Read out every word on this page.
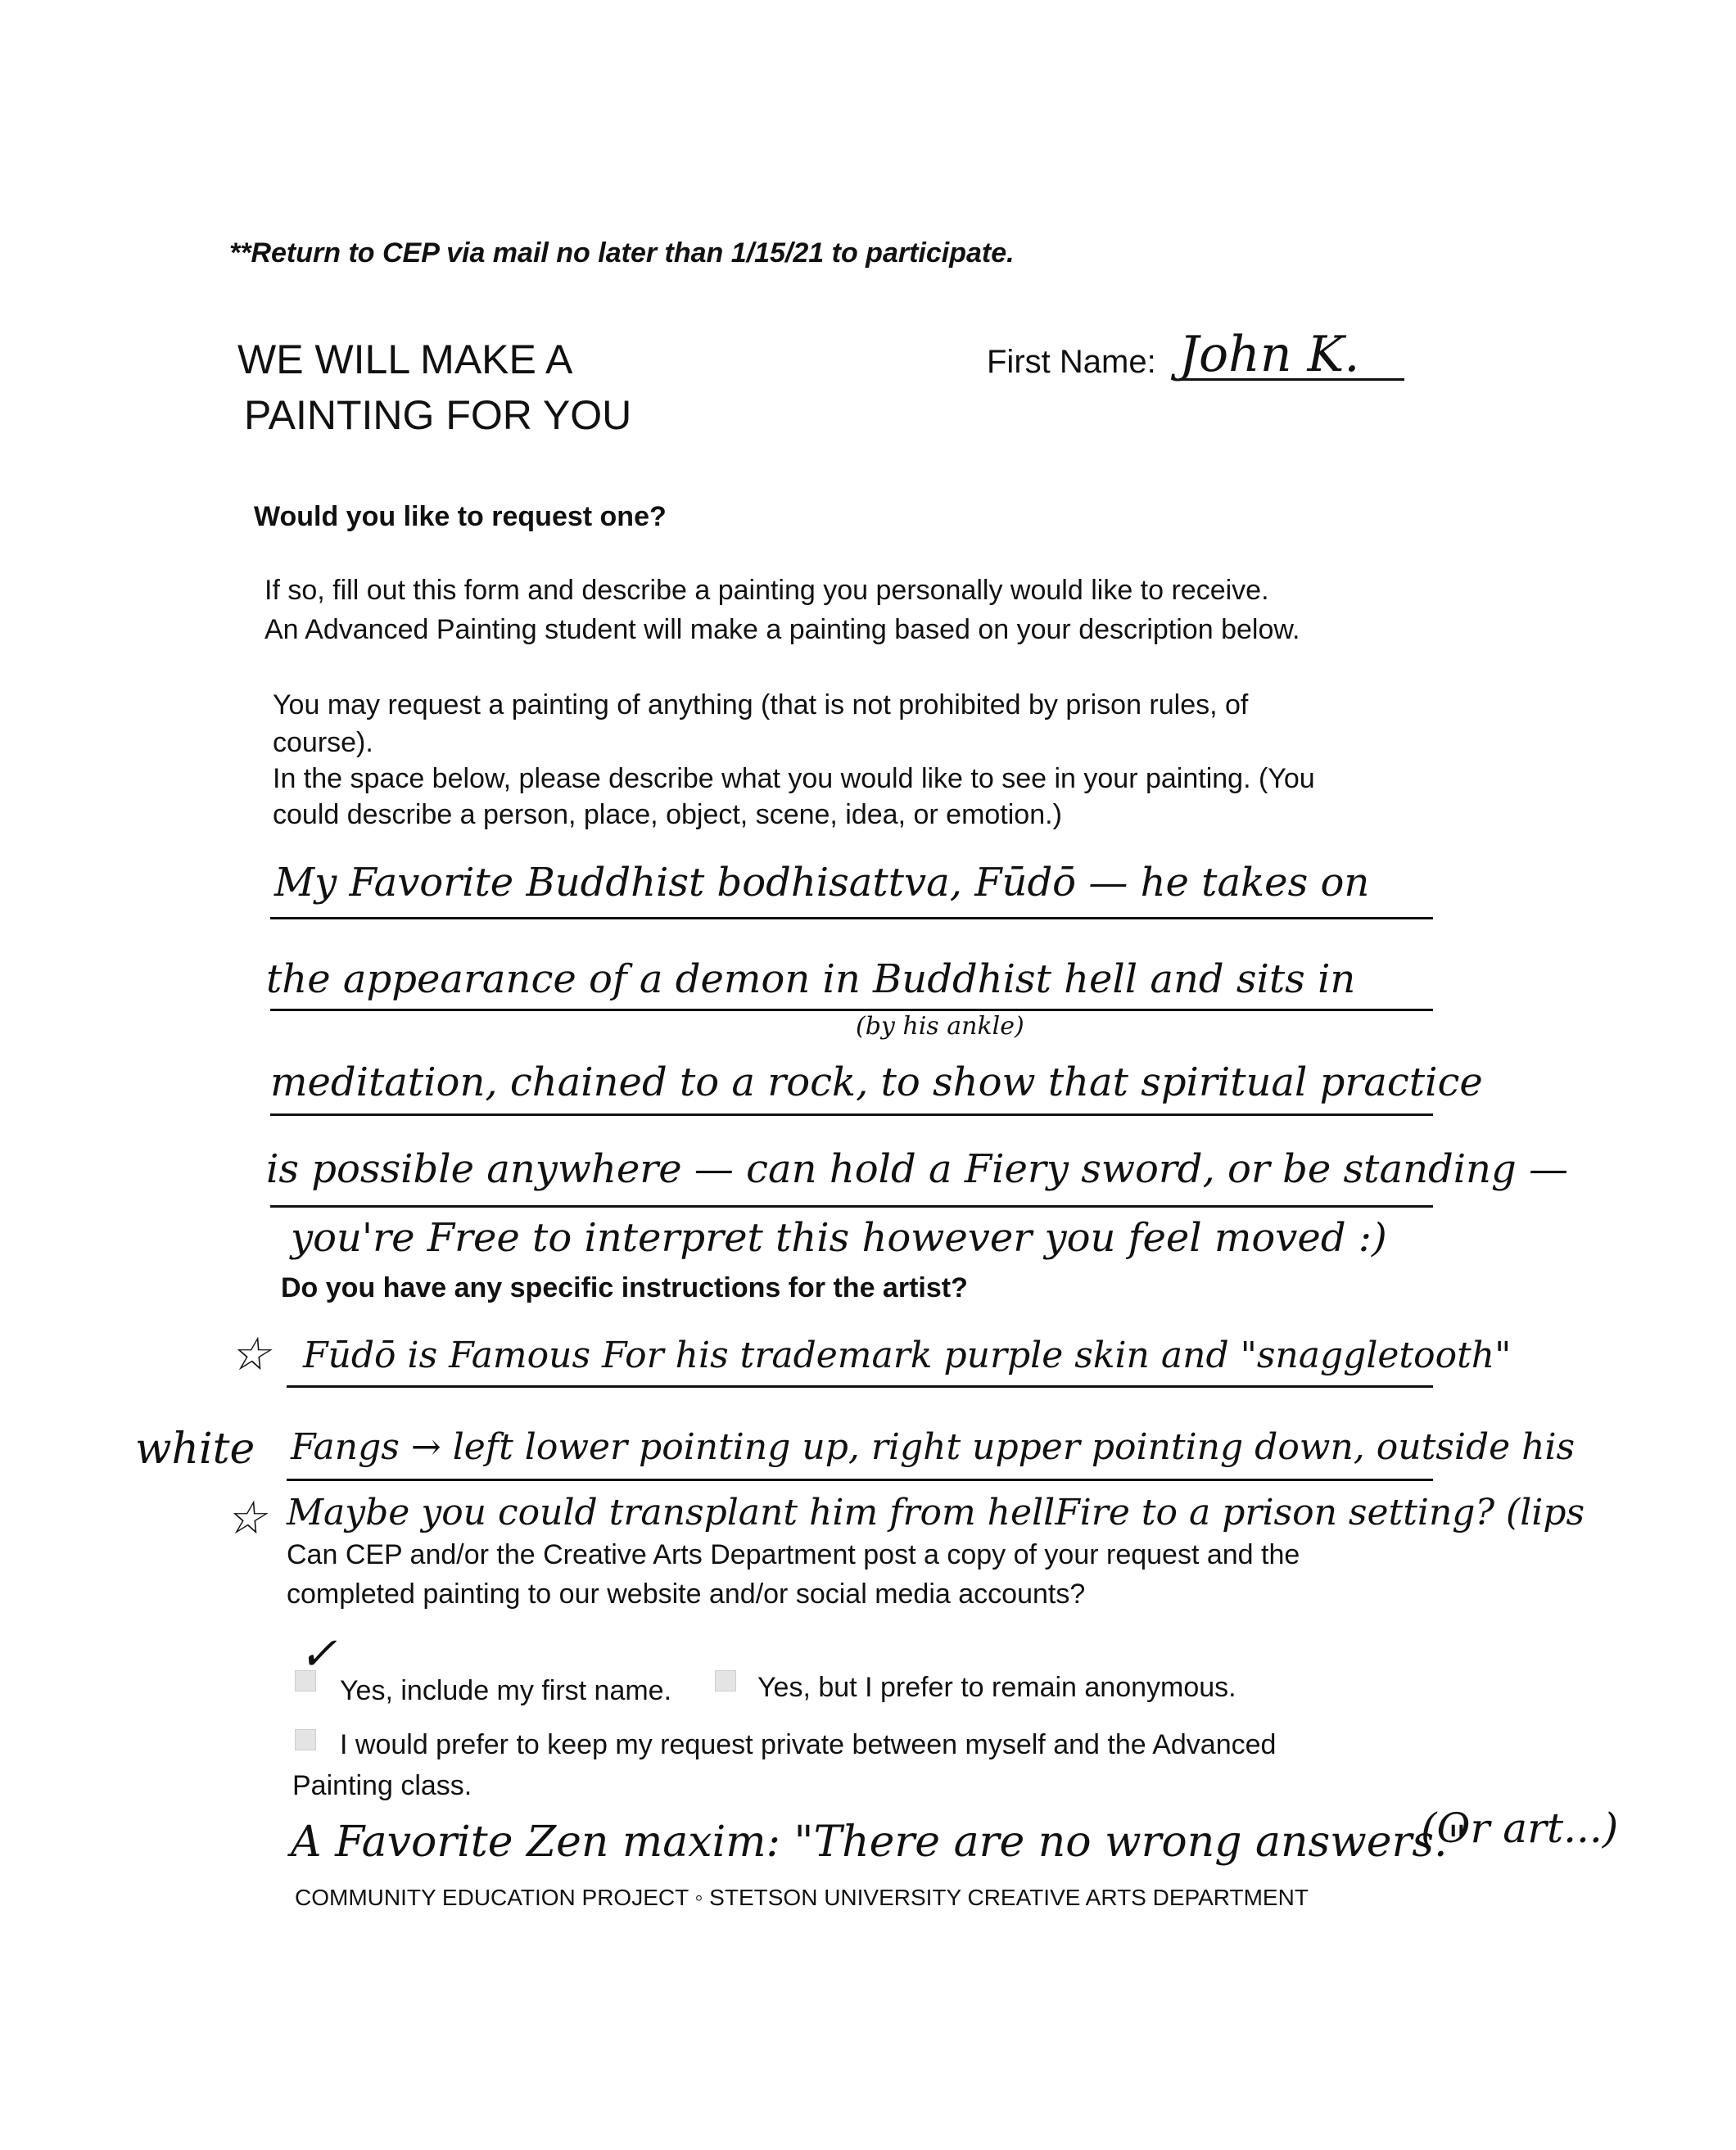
**Return to CEP via mail no later than 1/15/21 to participate.
WE WILL MAKE A
PAINTING FOR YOU
First Name: John K.
Would you like to request one?
If so, fill out this form and describe a painting you personally would like to receive.
An Advanced Painting student will make a painting based on your description below.
You may request a painting of anything (that is not prohibited by prison rules, of
course).
In the space below, please describe what you would like to see in your painting. (You
could describe a person, place, object, scene, idea, or emotion.)
My Favorite Buddhist bodhisattva, Fūdō — he takes on
the appearance of a demon in Buddhist hell and sits in
(by his ankle)
meditation, chained to a rock, to show that spiritual practice
is possible anywhere — can hold a Fiery sword, or be standing —
you're Free to interpret this however you feel moved :)
Do you have any specific instructions for the artist?
☆ Fūdō is Famous For his trademark purple skin and "snaggletooth"
white Fangs → left lower pointing up, right upper pointing down, outside his
☆ Maybe you could transplant him from hellFire to a prison setting? (lips
Can CEP and/or the Creative Arts Department post a copy of your request and the
completed painting to our website and/or social media accounts?
✓
Yes, include my first name.	Yes, but I prefer to remain anonymous.
I would prefer to keep my request private between myself and the Advanced
Painting class.
A Favorite Zen maxim: "There are no wrong answers."
(Or art...)
COMMUNITY EDUCATION PROJECT ◦ STETSON UNIVERSITY CREATIVE ARTS DEPARTMENT
